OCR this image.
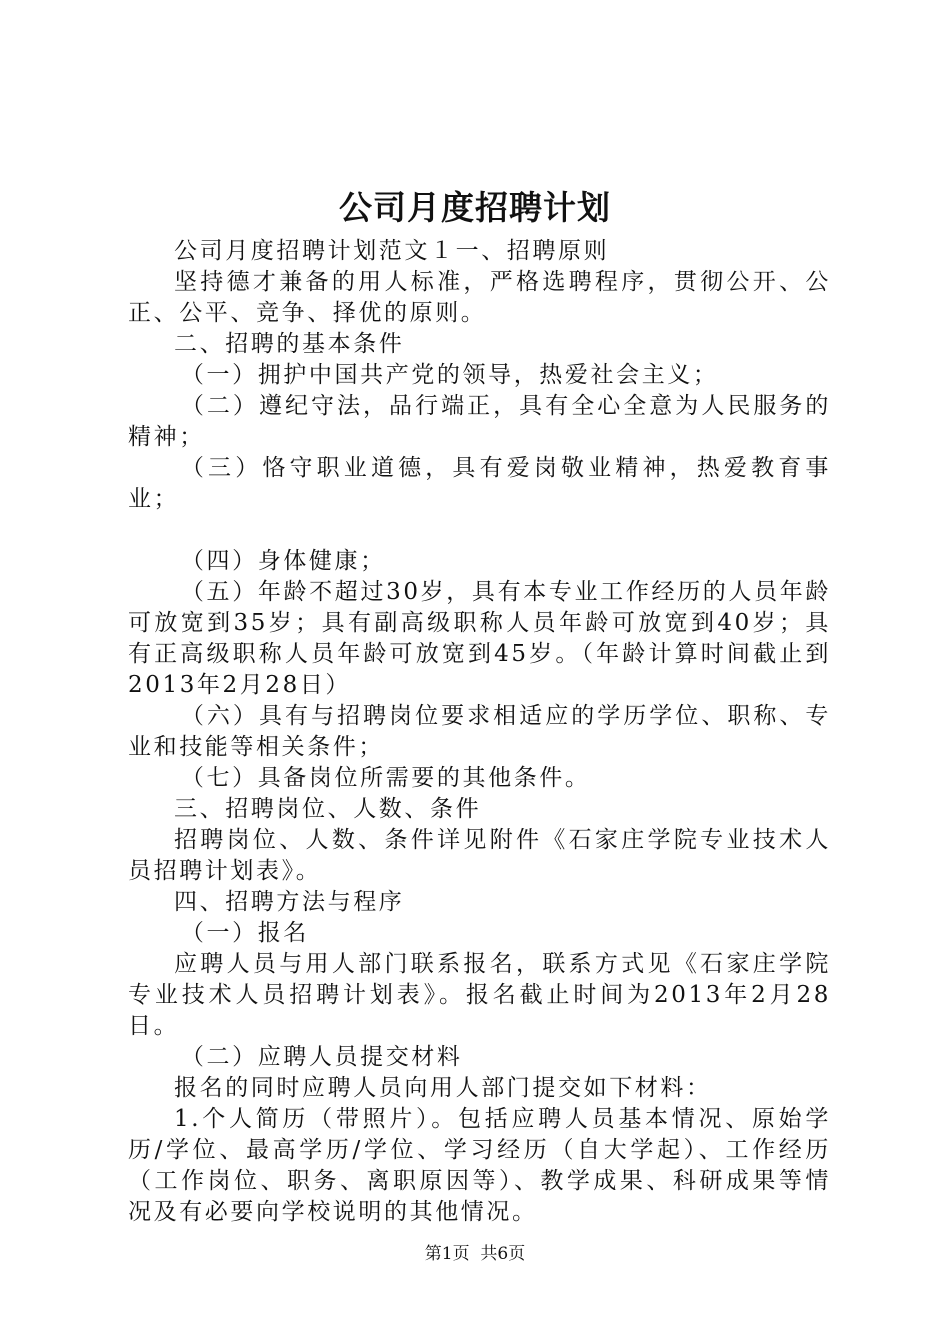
公司月度招聘计划

公司月度招聘计划范文１一、招聘原则

坚持德才兼备的用人标准，严格选聘程序，贯彻公开、公正、公平、竞争、择优的原则。

二、招聘的基本条件

（一）拥护中国共产党的领导，热爱社会主义；

（二）遵纪守法，品行端正，具有全心全意为人民服务的精神；

（三）恪守职业道德，具有爱岗敬业精神，热爱教育事业；

（四）身体健康；

（五）年龄不超过30岁，具有本专业工作经历的人员年龄可放宽到35岁；具有副高级职称人员年龄可放宽到40岁；具有正高级职称人员年龄可放宽到45岁。（年龄计算时间截止到2013年2月28日）

（六）具有与招聘岗位要求相适应的学历学位、职称、专业和技能等相关条件；

（七）具备岗位所需要的其他条件。

三、招聘岗位、人数、条件

招聘岗位、人数、条件详见附件《石家庄学院专业技术人员招聘计划表》。

四、招聘方法与程序

（一）报名

应聘人员与用人部门联系报名，联系方式见《石家庄学院专业技术人员招聘计划表》。报名截止时间为2013年2月28日。

（二）应聘人员提交材料

报名的同时应聘人员向用人部门提交如下材料：

1.个人简历（带照片）。包括应聘人员基本情况、原始学历/学位、最高学历/学位、学习经历（自大学起）、工作经历（工作岗位、职务、离职原因等）、教学成果、科研成果等情况及有必要向学校说明的其他情况。

第1页  共6页
